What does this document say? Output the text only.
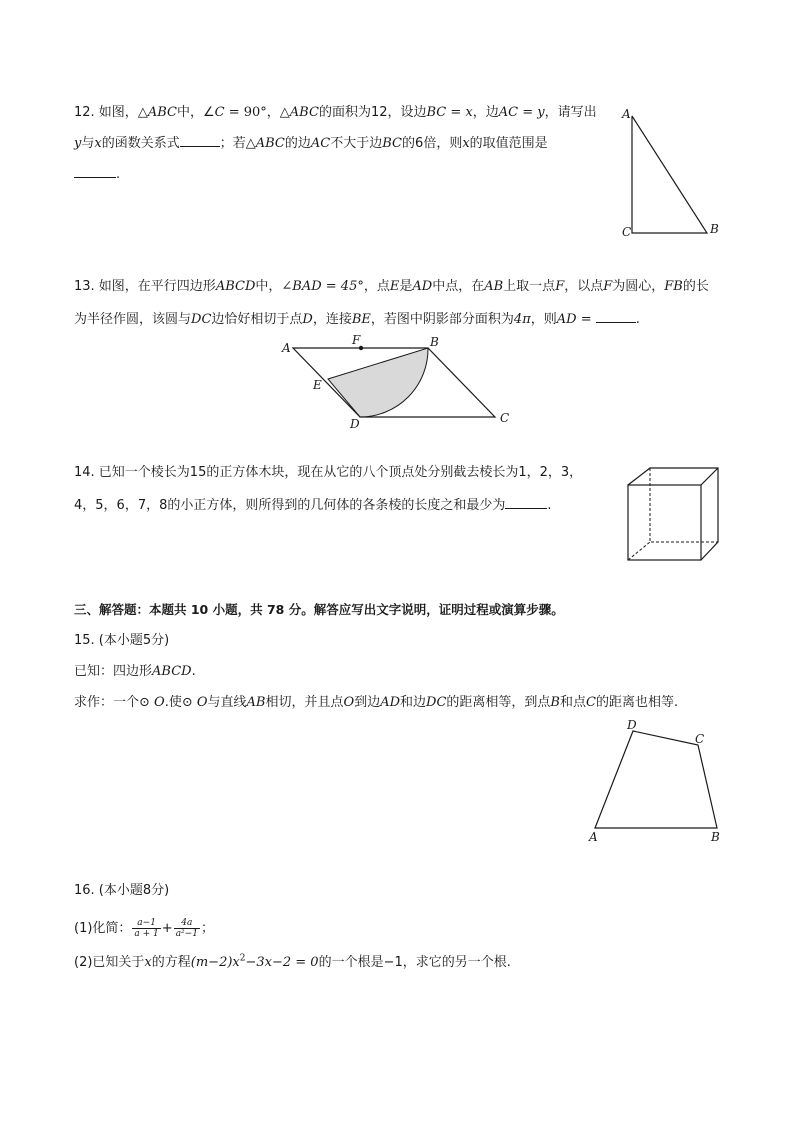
12. 如图，△ABC中，∠C = 90°，△ABC的面积为12，设边BC = x，边AC = y，请写出
y与x的函数关系式	；若△ABC的边AC不大于边BC的6倍，则x的取值范围是
.
A
C	B
13. 如图，在平行四边形ABCD中，∠BAD = 45°，点E是AD中点，在AB上取一点F，以点F为圆心，FB的长
为半径作圆，该圆与DC边恰好相切于点D，连接BE，若图中阴影部分面积为4π，则AD =	.
A
F	B
E
D	C
14. 已知一个棱长为15的正方体木块，现在从它的八个顶点处分别截去棱长为1，2，3，
4，5，6，7，8的小正方体，则所得到的几何体的各条棱的长度之和最少为	.
三、解答题：本题共 10 小题，共 78 分。解答应写出文字说明，证明过程或演算步骤。
15. (本小题5分)
已知：四边形ABCD.
求作：一个⊙ O.使⊙ O与直线AB相切，并且点O到边AD和边DC的距离相等，到点B和点C的距离也相等.
D
C
A	B
16. (本小题8分)
(1)化简： $\frac{a-1}{a + 1} + \frac{4a}{\text{a²−1}}$ ；
(2)已知关于x的方程$(m-2)x^2-3x-2 = 0$的一个根是−1，求它的另一个根.
